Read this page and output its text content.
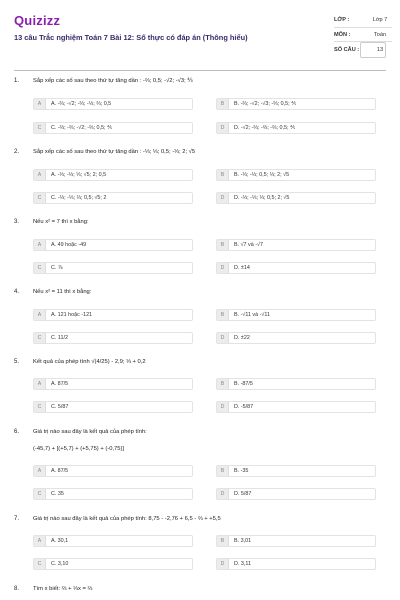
Quizizz
13 câu Trắc nghiệm Toán 7 Bài 12: Số thực có đáp án (Thông hiểu)
LỚP :	Lớp 7
MÔN :	Toán
SỐ CÂU :	13
1. Sắp xếp các số sau theo thứ tự tăng dần : -⅔; 0,5; -√2; -√3; ⅘
A	A. -⅔; -√2; -⅔; -⅓; ⅔; 0,5	B	B. -⅔; -√2; -√3; -⅔; 0,5; ⅘
C	C. -⅔; -⅔; -√2; -⅔; 0,5; ⅘	D	D. -√2; -⅔; -⅔; -⅔; 0,5; ⅘
2. Sắp xếp các số sau theo thứ tự tăng dần : -⅓; ⅓; 0,5; -⅓; 2; √5
A	A. -⅓; -⅓; ⅓; √5; 2; 0,5	B	B. -⅓; -⅓; 0,5; ⅓; 2; √5
C	C. -⅓; -⅓; ⅓; 0,5; √5; 2	D	D. -⅓; -⅓; ⅓; 0,5; 2; √5
3. Nếu x² = 7 thì x bằng:
A	A. 49 hoặc -49	B	B. √7 và -√7
C	C. ⅞	D	D. ±14
4. Nếu x² = 11 thì x bằng:
A	A. 121 hoặc -121	B	B. -√11 và -√11
C	C. 11/2	D	D. ±22
5. Kết quả của phép tính √(4/25) - 2,9; ⅓ + 0,2
A	A. 87/5	B	B. -87/5
C	C. 5/87	D	D. -5/87
6. Giá trị nào sau đây là kết quả của phép tính:
(-45,7) + [(+5,7) + (+5,75) + (-0,75)]
A	A. 87/5	B	B. -35
C	C. 35	D	D. 5/87
7. Giá trị nào sau đây là kết quả của phép tính: 8,75 - -2,76 + 6,5 - ⅔ + +5,5
A	A. 30,1	B	B. 3,01
C	C. 3,10	D	D. 3,11
8. Tìm x biết: ⅔ + ⅓x = ⅔
